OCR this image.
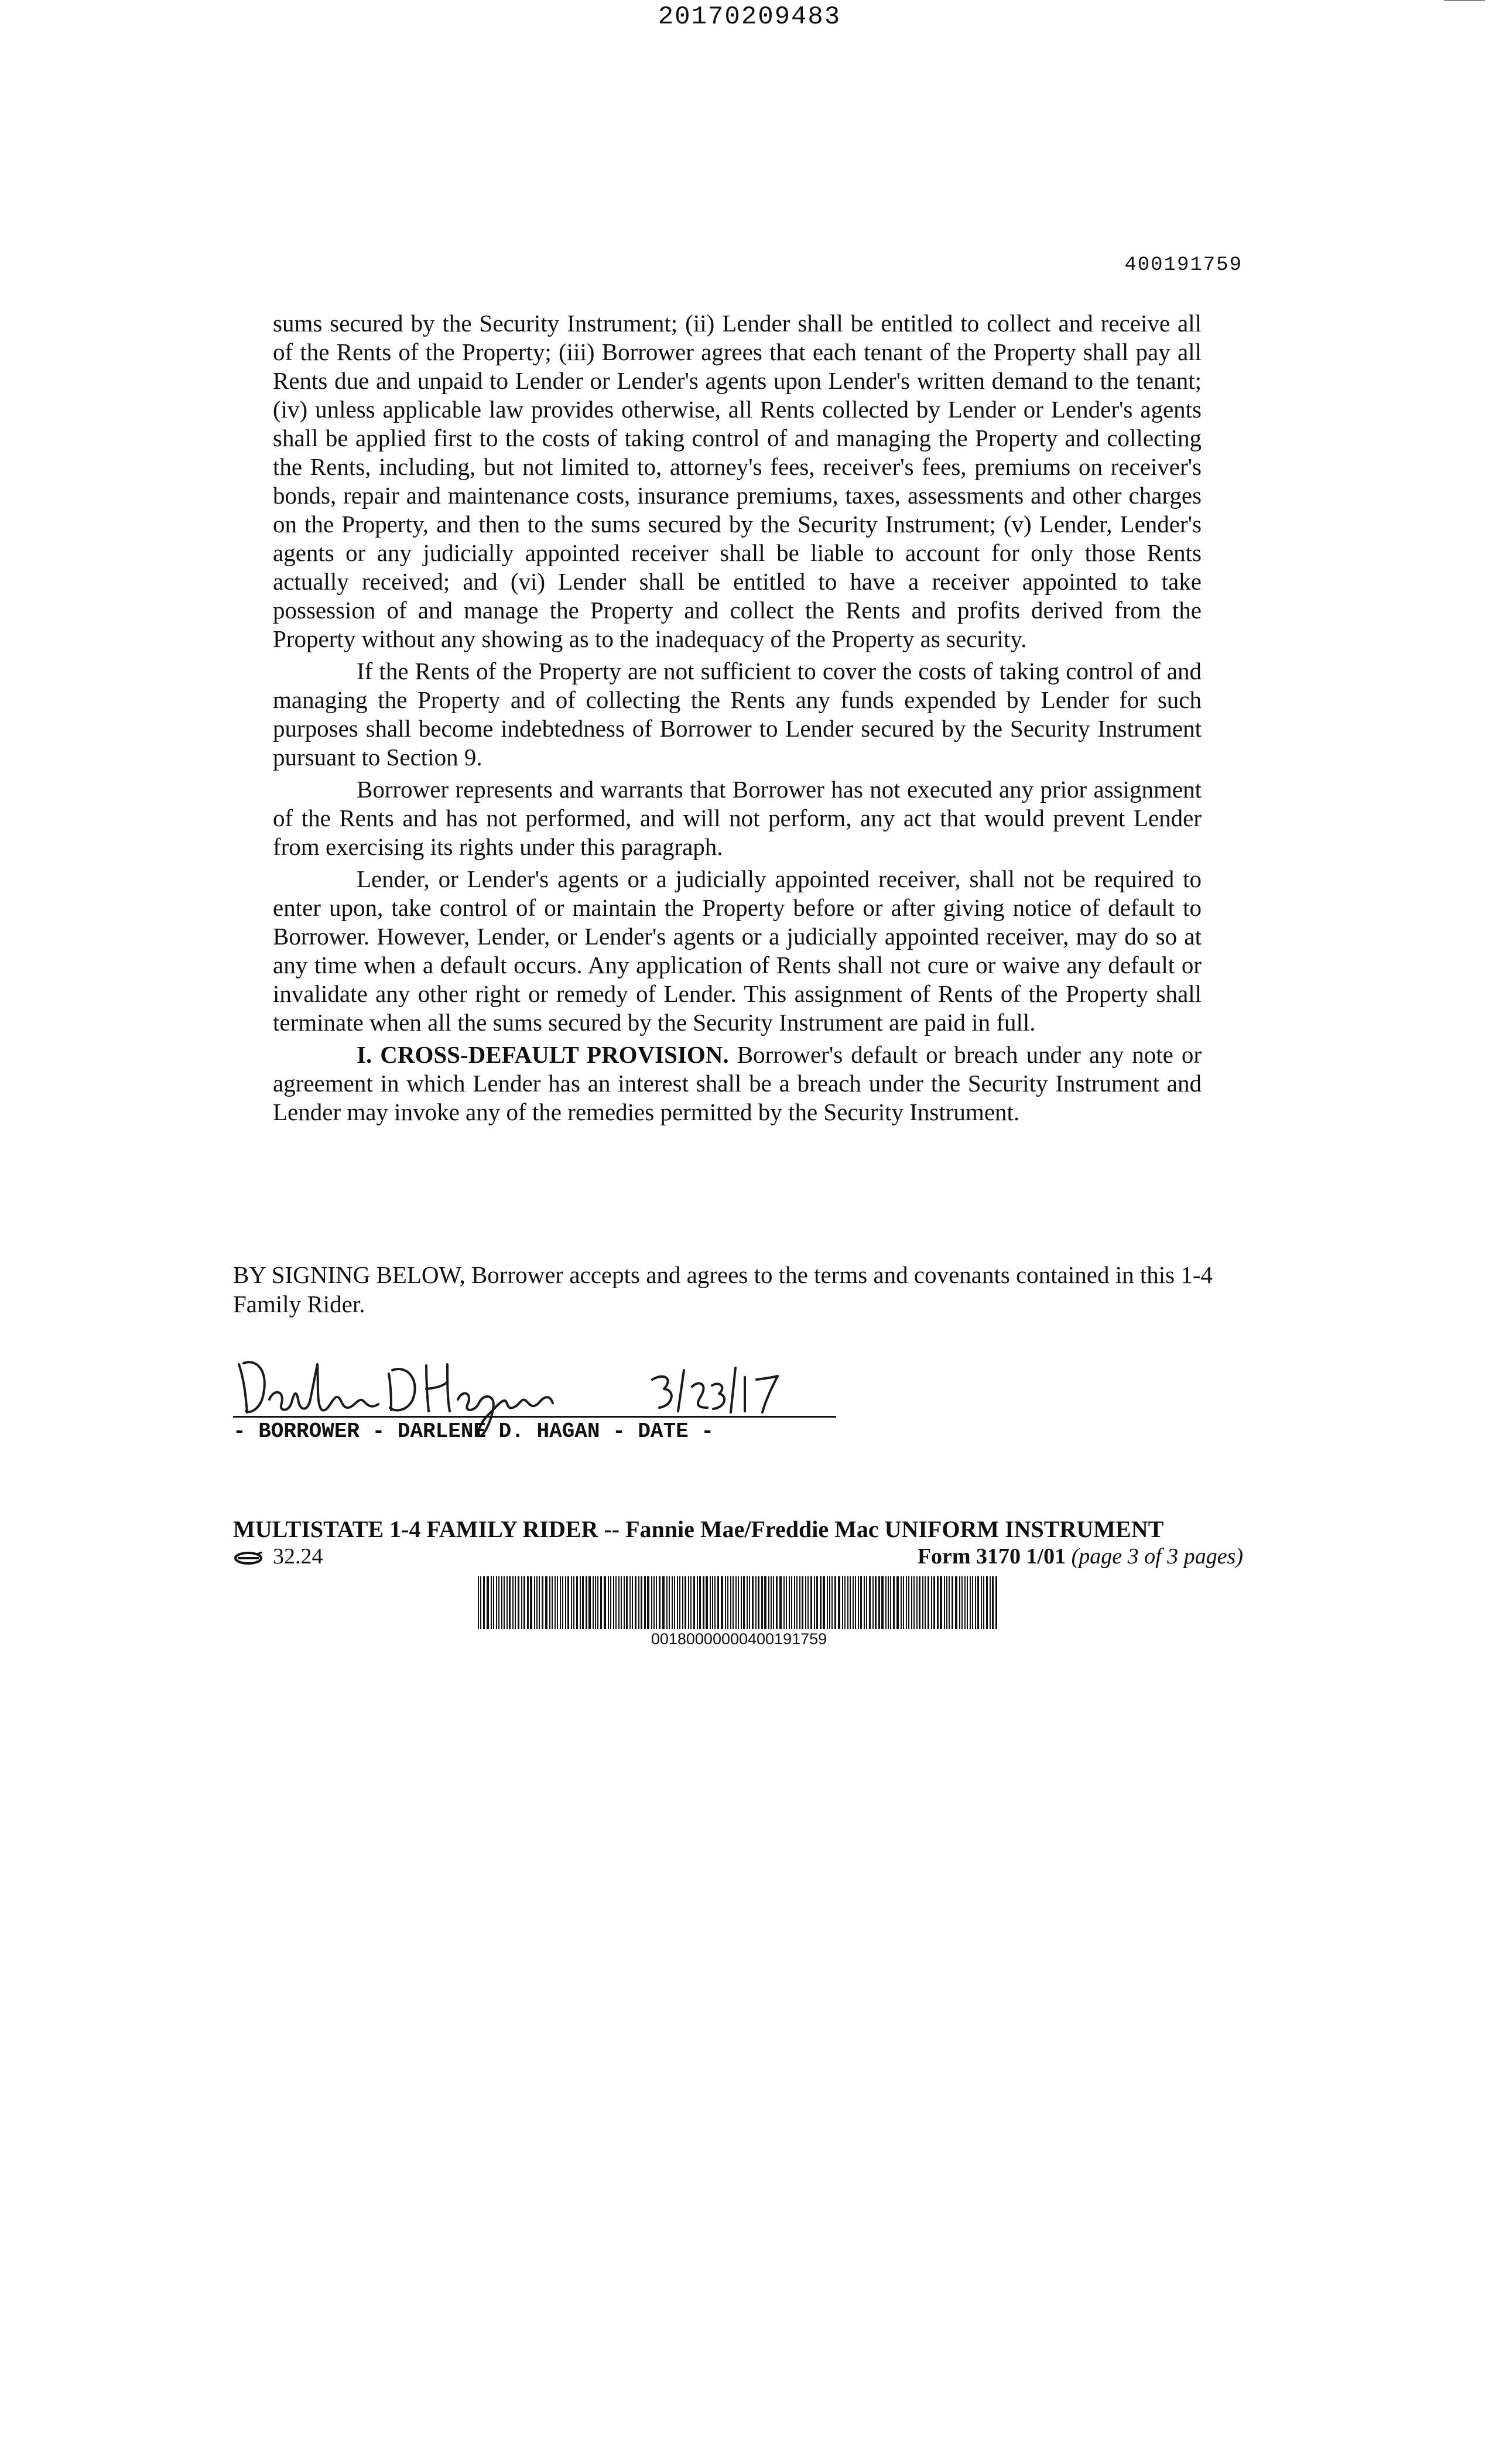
20170209483
400191759

sums secured by the Security Instrument; (ii) Lender shall be entitled to collect and receive all of the Rents of the Property; (iii) Borrower agrees that each tenant of the Property shall pay all Rents due and unpaid to Lender or Lender's agents upon Lender's written demand to the tenant; (iv) unless applicable law provides otherwise, all Rents collected by Lender or Lender's agents shall be applied first to the costs of taking control of and managing the Property and collecting the Rents, including, but not limited to, attorney's fees, receiver's fees, premiums on receiver's bonds, repair and maintenance costs, insurance premiums, taxes, assessments and other charges on the Property, and then to the sums secured by the Security Instrument; (v) Lender, Lender's agents or any judicially appointed receiver shall be liable to account for only those Rents actually received; and (vi) Lender shall be entitled to have a receiver appointed to take possession of and manage the Property and collect the Rents and profits derived from the Property without any showing as to the inadequacy of the Property as security.

If the Rents of the Property are not sufficient to cover the costs of taking control of and managing the Property and of collecting the Rents any funds expended by Lender for such purposes shall become indebtedness of Borrower to Lender secured by the Security Instrument pursuant to Section 9.

Borrower represents and warrants that Borrower has not executed any prior assignment of the Rents and has not performed, and will not perform, any act that would prevent Lender from exercising its rights under this paragraph.

Lender, or Lender's agents or a judicially appointed receiver, shall not be required to enter upon, take control of or maintain the Property before or after giving notice of default to Borrower. However, Lender, or Lender's agents or a judicially appointed receiver, may do so at any time when a default occurs. Any application of Rents shall not cure or waive any default or invalidate any other right or remedy of Lender. This assignment of Rents of the Property shall terminate when all the sums secured by the Security Instrument are paid in full.

I. CROSS-DEFAULT PROVISION. Borrower's default or breach under any note or agreement in which Lender has an interest shall be a breach under the Security Instrument and Lender may invoke any of the remedies permitted by the Security Instrument.

BY SIGNING BELOW, Borrower accepts and agrees to the terms and covenants contained in this 1-4 Family Rider.
- BORROWER - DARLENE D. HAGAN - DATE -
MULTISTATE 1-4 FAMILY RIDER -- Fannie Mae/Freddie Mac UNIFORM INSTRUMENT
32.24	Form 3170 1/01 (page 3 of 3 pages)
00180000000400191759
